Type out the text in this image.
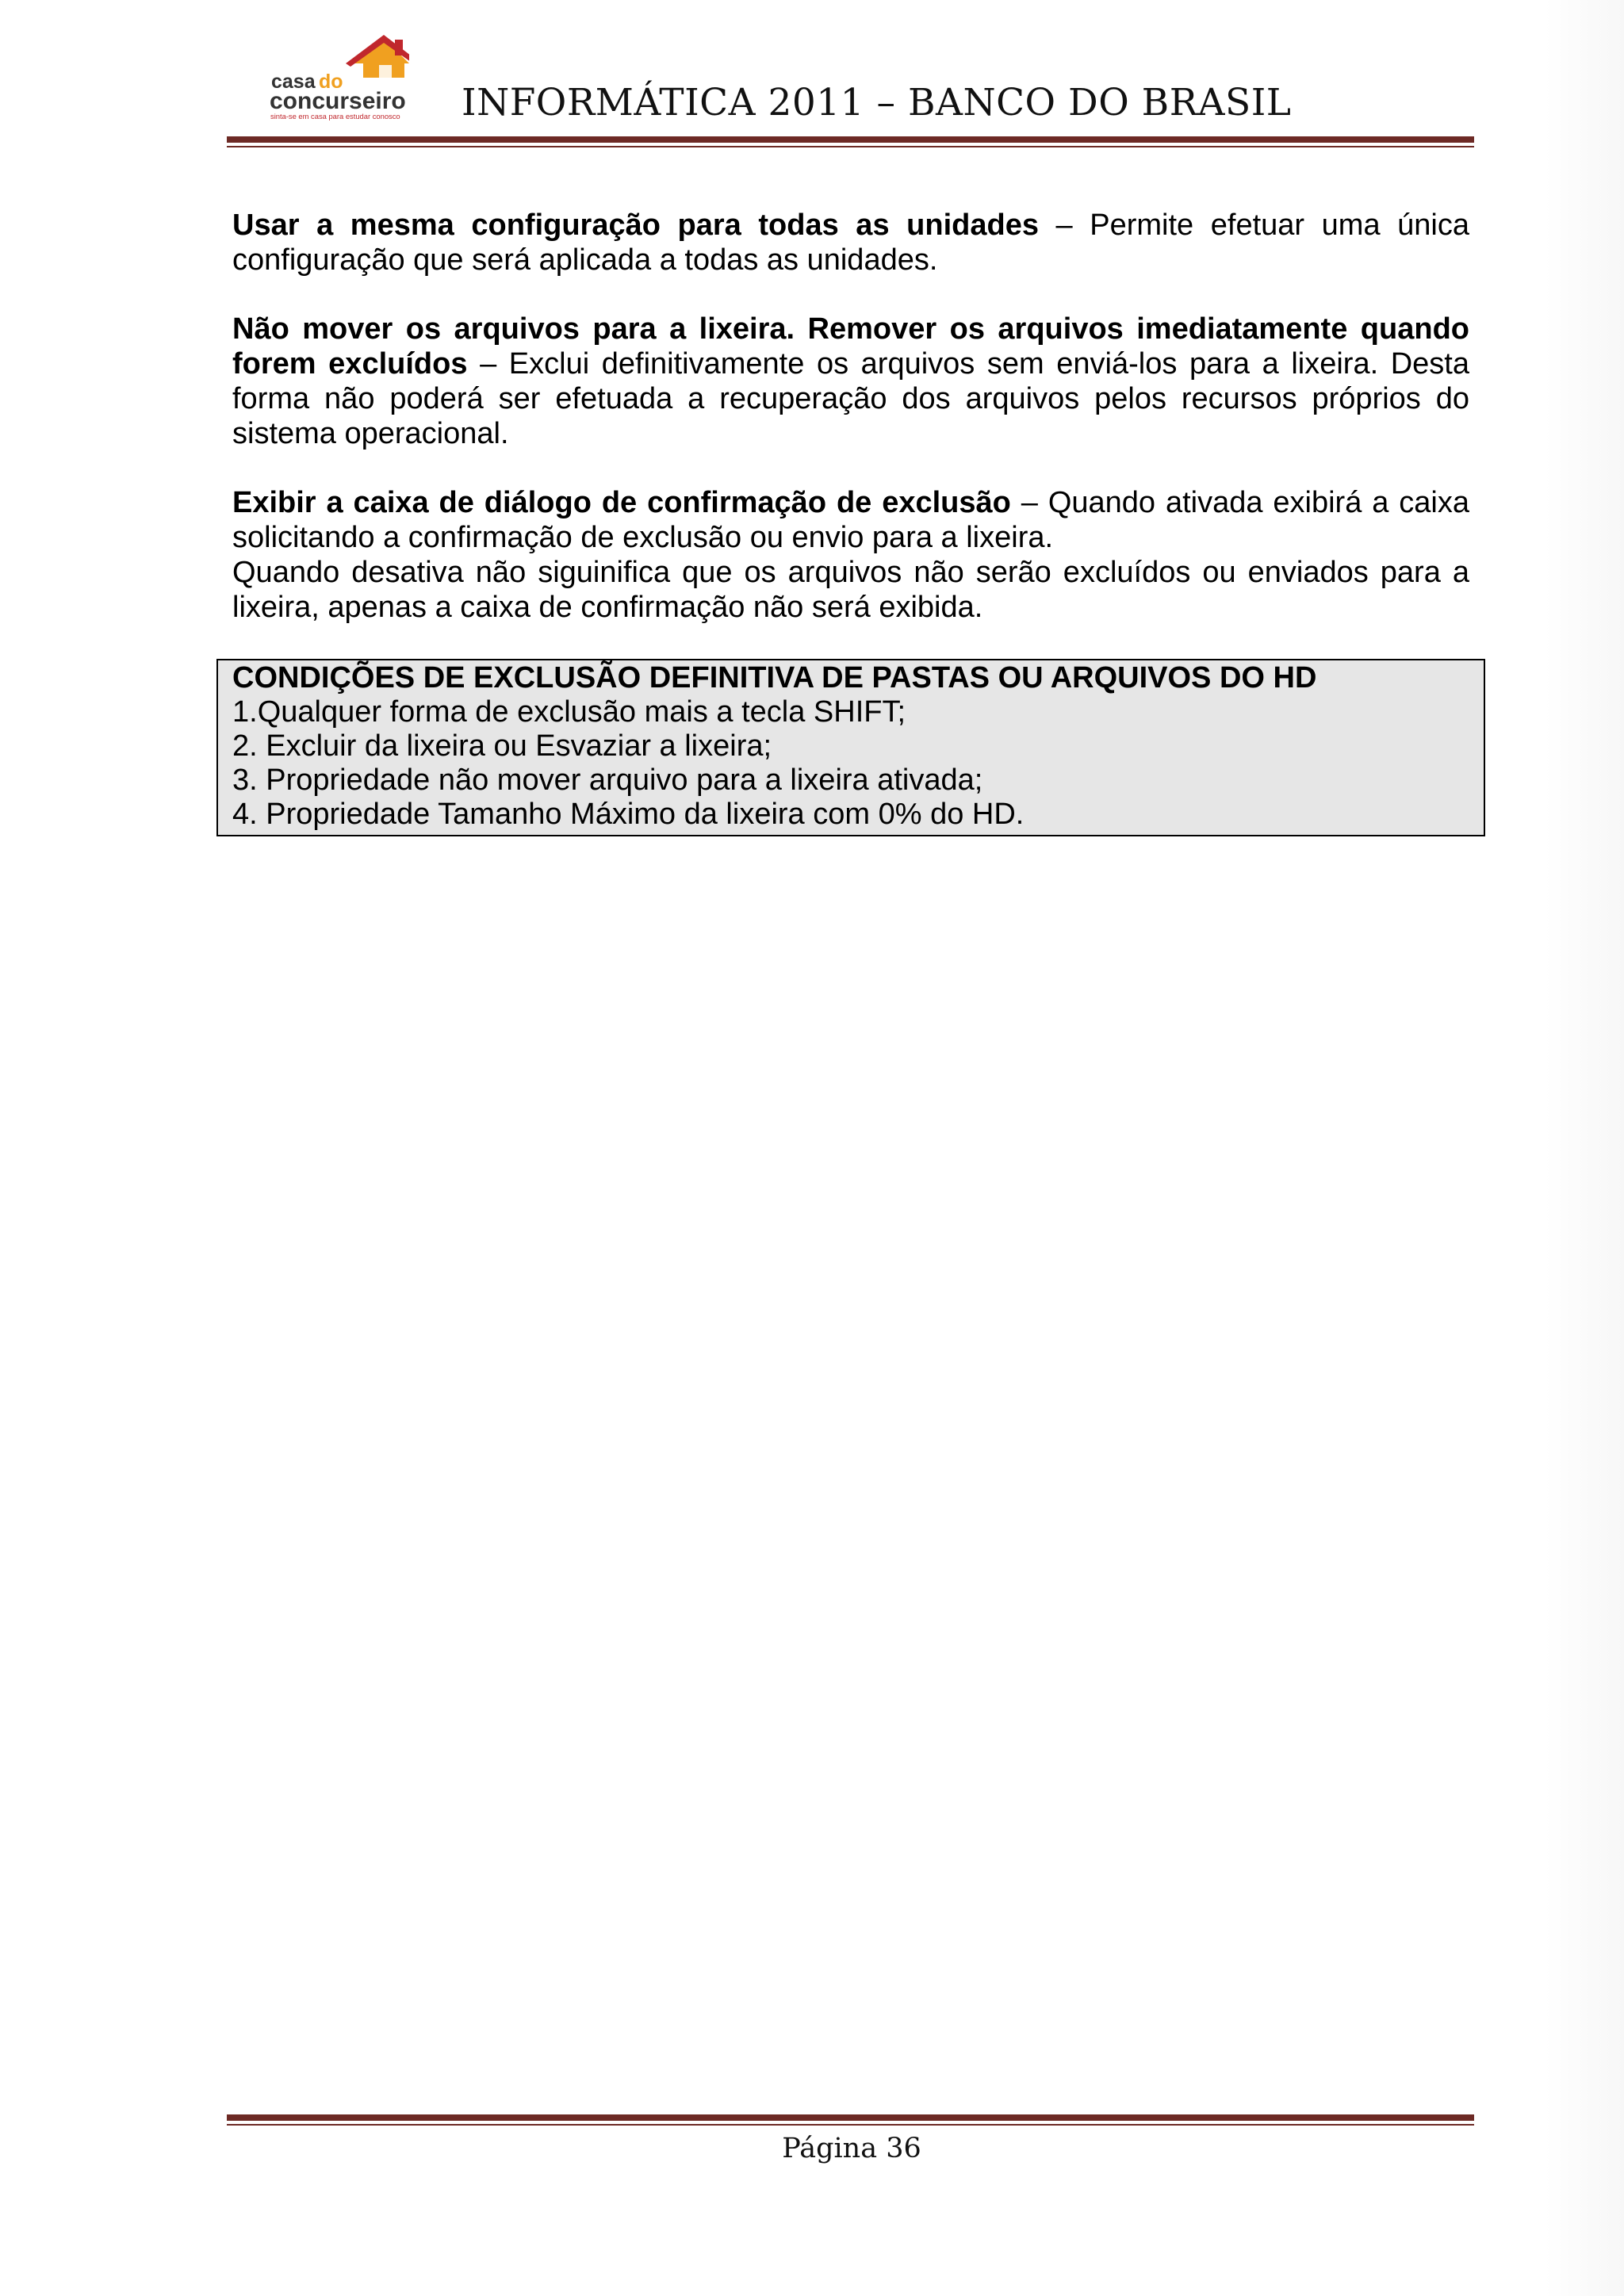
casa do
concurseiro
sinta-se em casa para estudar conosco INFORMÁTICA 2011 – BANCO DO BRASIL

Usar a mesma configuração para todas as unidades – Permite efetuar uma única configuração que será aplicada a todas as unidades.

Não mover os arquivos para a lixeira. Remover os arquivos imediatamente quando forem excluídos – Exclui definitivamente os arquivos sem enviá-los para a lixeira. Desta forma não poderá ser efetuada a recuperação dos arquivos pelos recursos próprios do sistema operacional.

Exibir a caixa de diálogo de confirmação de exclusão – Quando ativada exibirá a caixa solicitando a confirmação de exclusão ou envio para a lixeira.

Quando desativa não siguinifica que os arquivos não serão excluídos ou enviados para a lixeira, apenas a caixa de confirmação não será exibida.

CONDIÇÕES DE EXCLUSÃO DEFINITIVA DE PASTAS OU ARQUIVOS DO HD
1.Qualquer forma de exclusão mais a tecla SHIFT;
2. Excluir da lixeira ou Esvaziar a lixeira;
3. Propriedade não mover arquivo para a lixeira ativada;
4. Propriedade Tamanho Máximo da lixeira com 0% do HD.
Página 36
